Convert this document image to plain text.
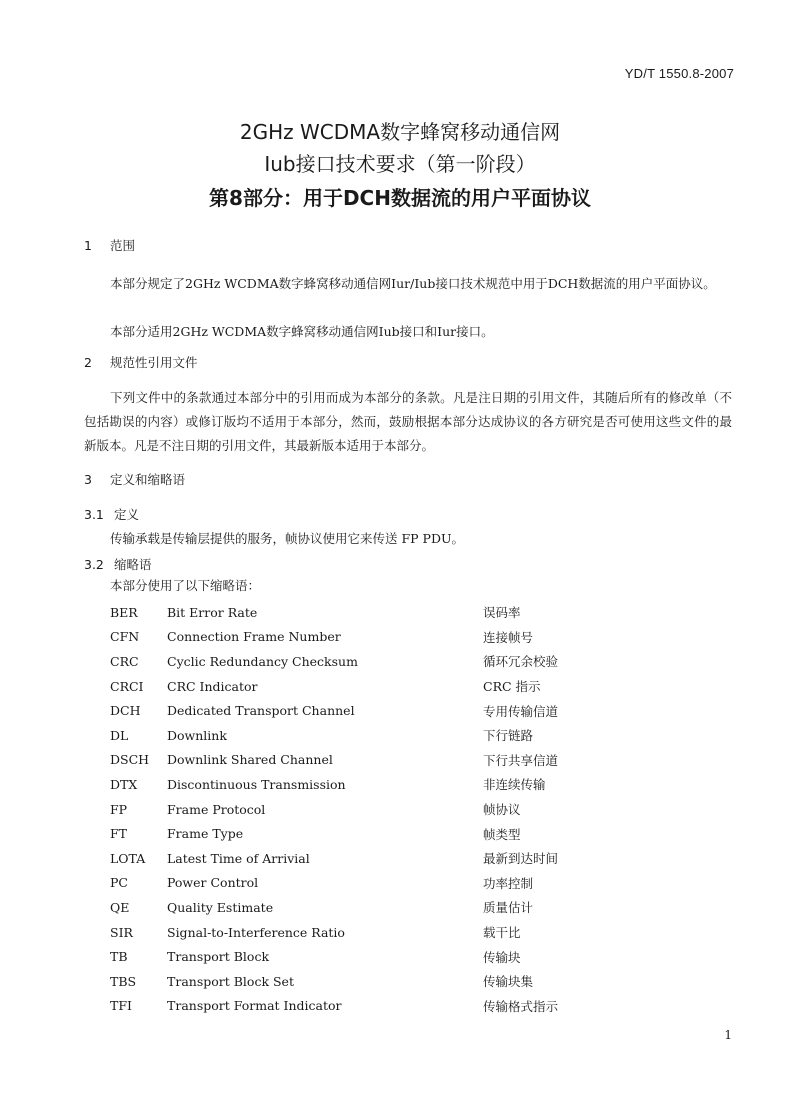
YD/T 1550.8-2007
2GHz WCDMA数字蜂窝移动通信网
Iub接口技术要求（第一阶段）
第8部分：用于DCH数据流的用户平面协议
1 范围
本部分规定了2GHz WCDMA数字蜂窝移动通信网Iur/Iub接口技术规范中用于DCH数据流的用户平面协议。
本部分适用2GHz WCDMA数字蜂窝移动通信网Iub接口和Iur接口。
2 规范性引用文件
下列文件中的条款通过本部分中的引用而成为本部分的条款。凡是注日期的引用文件，其随后所有的修改单（不包括勘误的内容）或修订版均不适用于本部分，然而，鼓励根据本部分达成协议的各方研究是否可使用这些文件的最新版本。凡是不注日期的引用文件，其最新版本适用于本部分。
3 定义和缩略语
3.1 定义
传输承载是传输层提供的服务，帧协议使用它来传送 FP PDU。
3.2 缩略语
本部分使用了以下缩略语：
BER	Bit Error Rate	误码率
CFN	Connection Frame Number	连接帧号
CRC	Cyclic Redundancy Checksum	循环冗余校验
CRCI	CRC Indicator	CRC 指示
DCH	Dedicated Transport Channel	专用传输信道
DL	Downlink	下行链路
DSCH	Downlink Shared Channel	下行共享信道
DTX	Discontinuous Transmission	非连续传输
FP	Frame Protocol	帧协议
FT	Frame Type	帧类型
LOTA	Latest Time of Arrivial	最新到达时间
PC	Power Control	功率控制
QE	Quality Estimate	质量估计
SIR	Signal-to-Interference Ratio	载干比
TB	Transport Block	传输块
TBS	Transport Block Set	传输块集
TFI	Transport Format Indicator	传输格式指示
1
